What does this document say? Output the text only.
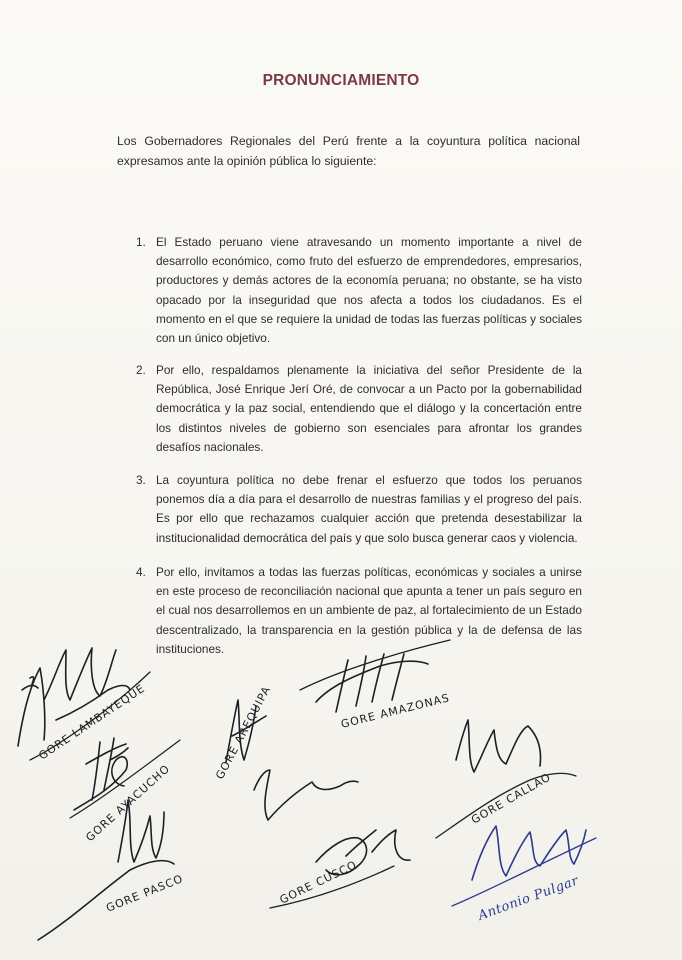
PRONUNCIAMIENTO
Los Gobernadores Regionales del Perú frente a la coyuntura política nacional expresamos ante la opinión pública lo siguiente:
1. El Estado peruano viene atravesando un momento importante a nivel de desarrollo económico, como fruto del esfuerzo de emprendedores, empresarios, productores y demás actores de la economía peruana; no obstante, se ha visto opacado por la inseguridad que nos afecta a todos los ciudadanos. Es el momento en el que se requiere la unidad de todas las fuerzas políticas y sociales con un único objetivo.
2. Por ello, respaldamos plenamente la iniciativa del señor Presidente de la República, José Enrique Jerí Oré, de convocar a un Pacto por la gobernabilidad democrática y la paz social, entendiendo que el diálogo y la concertación entre los distintos niveles de gobierno son esenciales para afrontar los grandes desafíos nacionales.
3. La coyuntura política no debe frenar el esfuerzo que todos los peruanos ponemos día a día para el desarrollo de nuestras familias y el progreso del país. Es por ello que rechazamos cualquier acción que pretenda desestabilizar la institucionalidad democrática del país y que solo busca generar caos y violencia.
4. Por ello, invitamos a todas las fuerzas políticas, económicas y sociales a unirse en este proceso de reconciliación nacional que apunta a tener un país seguro en el cual nos desarrollemos en un ambiente de paz, al fortalecimiento de un Estado descentralizado, la transparencia en la gestión pública y la de defensa de las instituciones.
GORE LAMBAYEQUE
GORE AYACUCHO
GORE PASCO
GORE AREQUIPA	GORE AMAZONAS
GORE CUSCO
GORE CALLAO
Antonio Pulgar
